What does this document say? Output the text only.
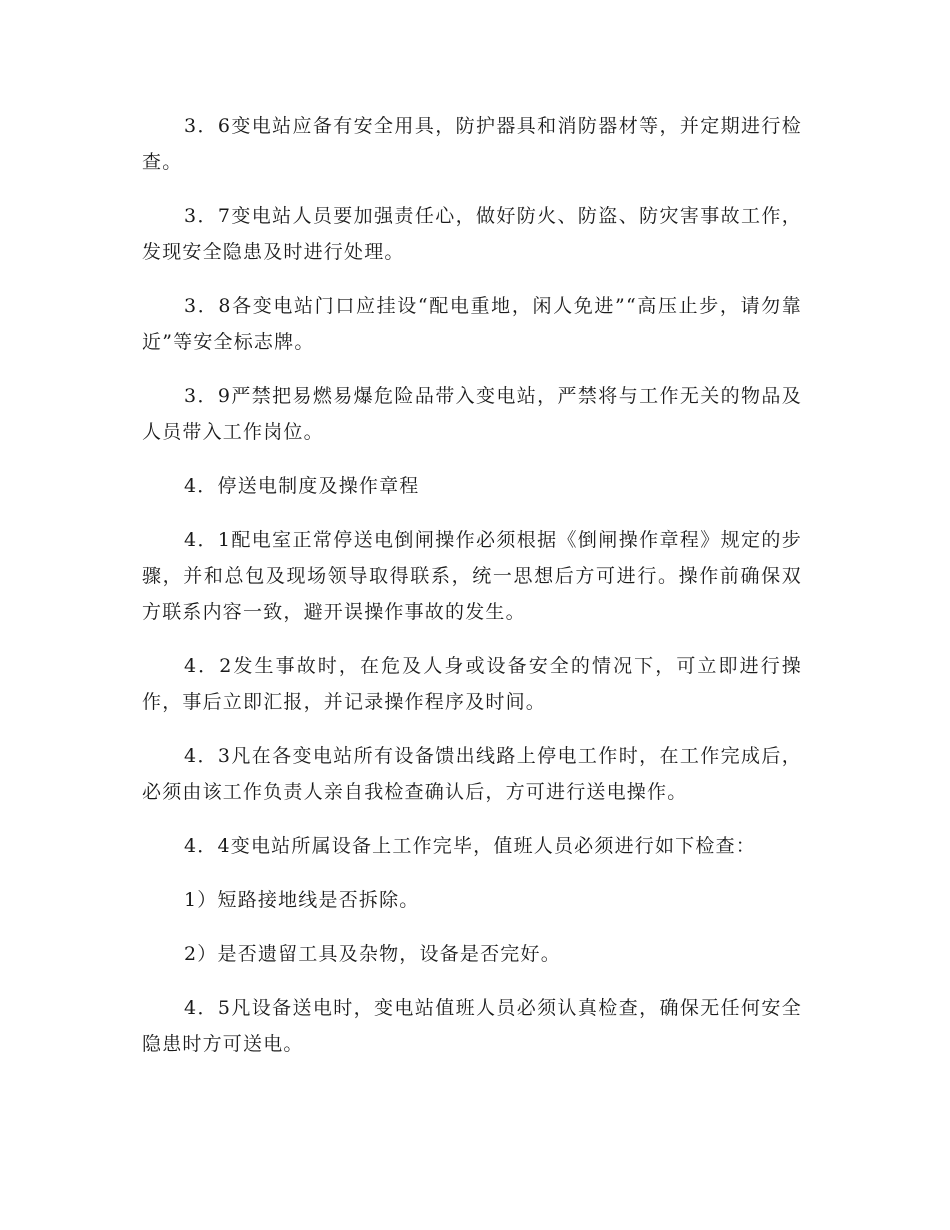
3．6变电站应备有安全用具，防护器具和消防器材等，并定期进行检查。

3．7变电站人员要加强责任心，做好防火、防盗、防灾害事故工作，发现安全隐患及时进行处理。

3．8各变电站门口应挂设“配电重地，闲人免进”“高压止步，请勿靠近”等安全标志牌。

3．9严禁把易燃易爆危险品带入变电站，严禁将与工作无关的物品及人员带入工作岗位。

4．停送电制度及操作章程

4．1配电室正常停送电倒闸操作必须根据《倒闸操作章程》规定的步骤，并和总包及现场领导取得联系，统一思想后方可进行。操作前确保双方联系内容一致，避开误操作事故的发生。

4．2发生事故时，在危及人身或设备安全的情况下，可立即进行操作，事后立即汇报，并记录操作程序及时间。

4．3凡在各变电站所有设备馈出线路上停电工作时，在工作完成后，必须由该工作负责人亲自我检查确认后，方可进行送电操作。

4．4变电站所属设备上工作完毕，值班人员必须进行如下检查：

1）短路接地线是否拆除。

2）是否遗留工具及杂物，设备是否完好。

4．5凡设备送电时，变电站值班人员必须认真检查，确保无任何安全隐患时方可送电。
